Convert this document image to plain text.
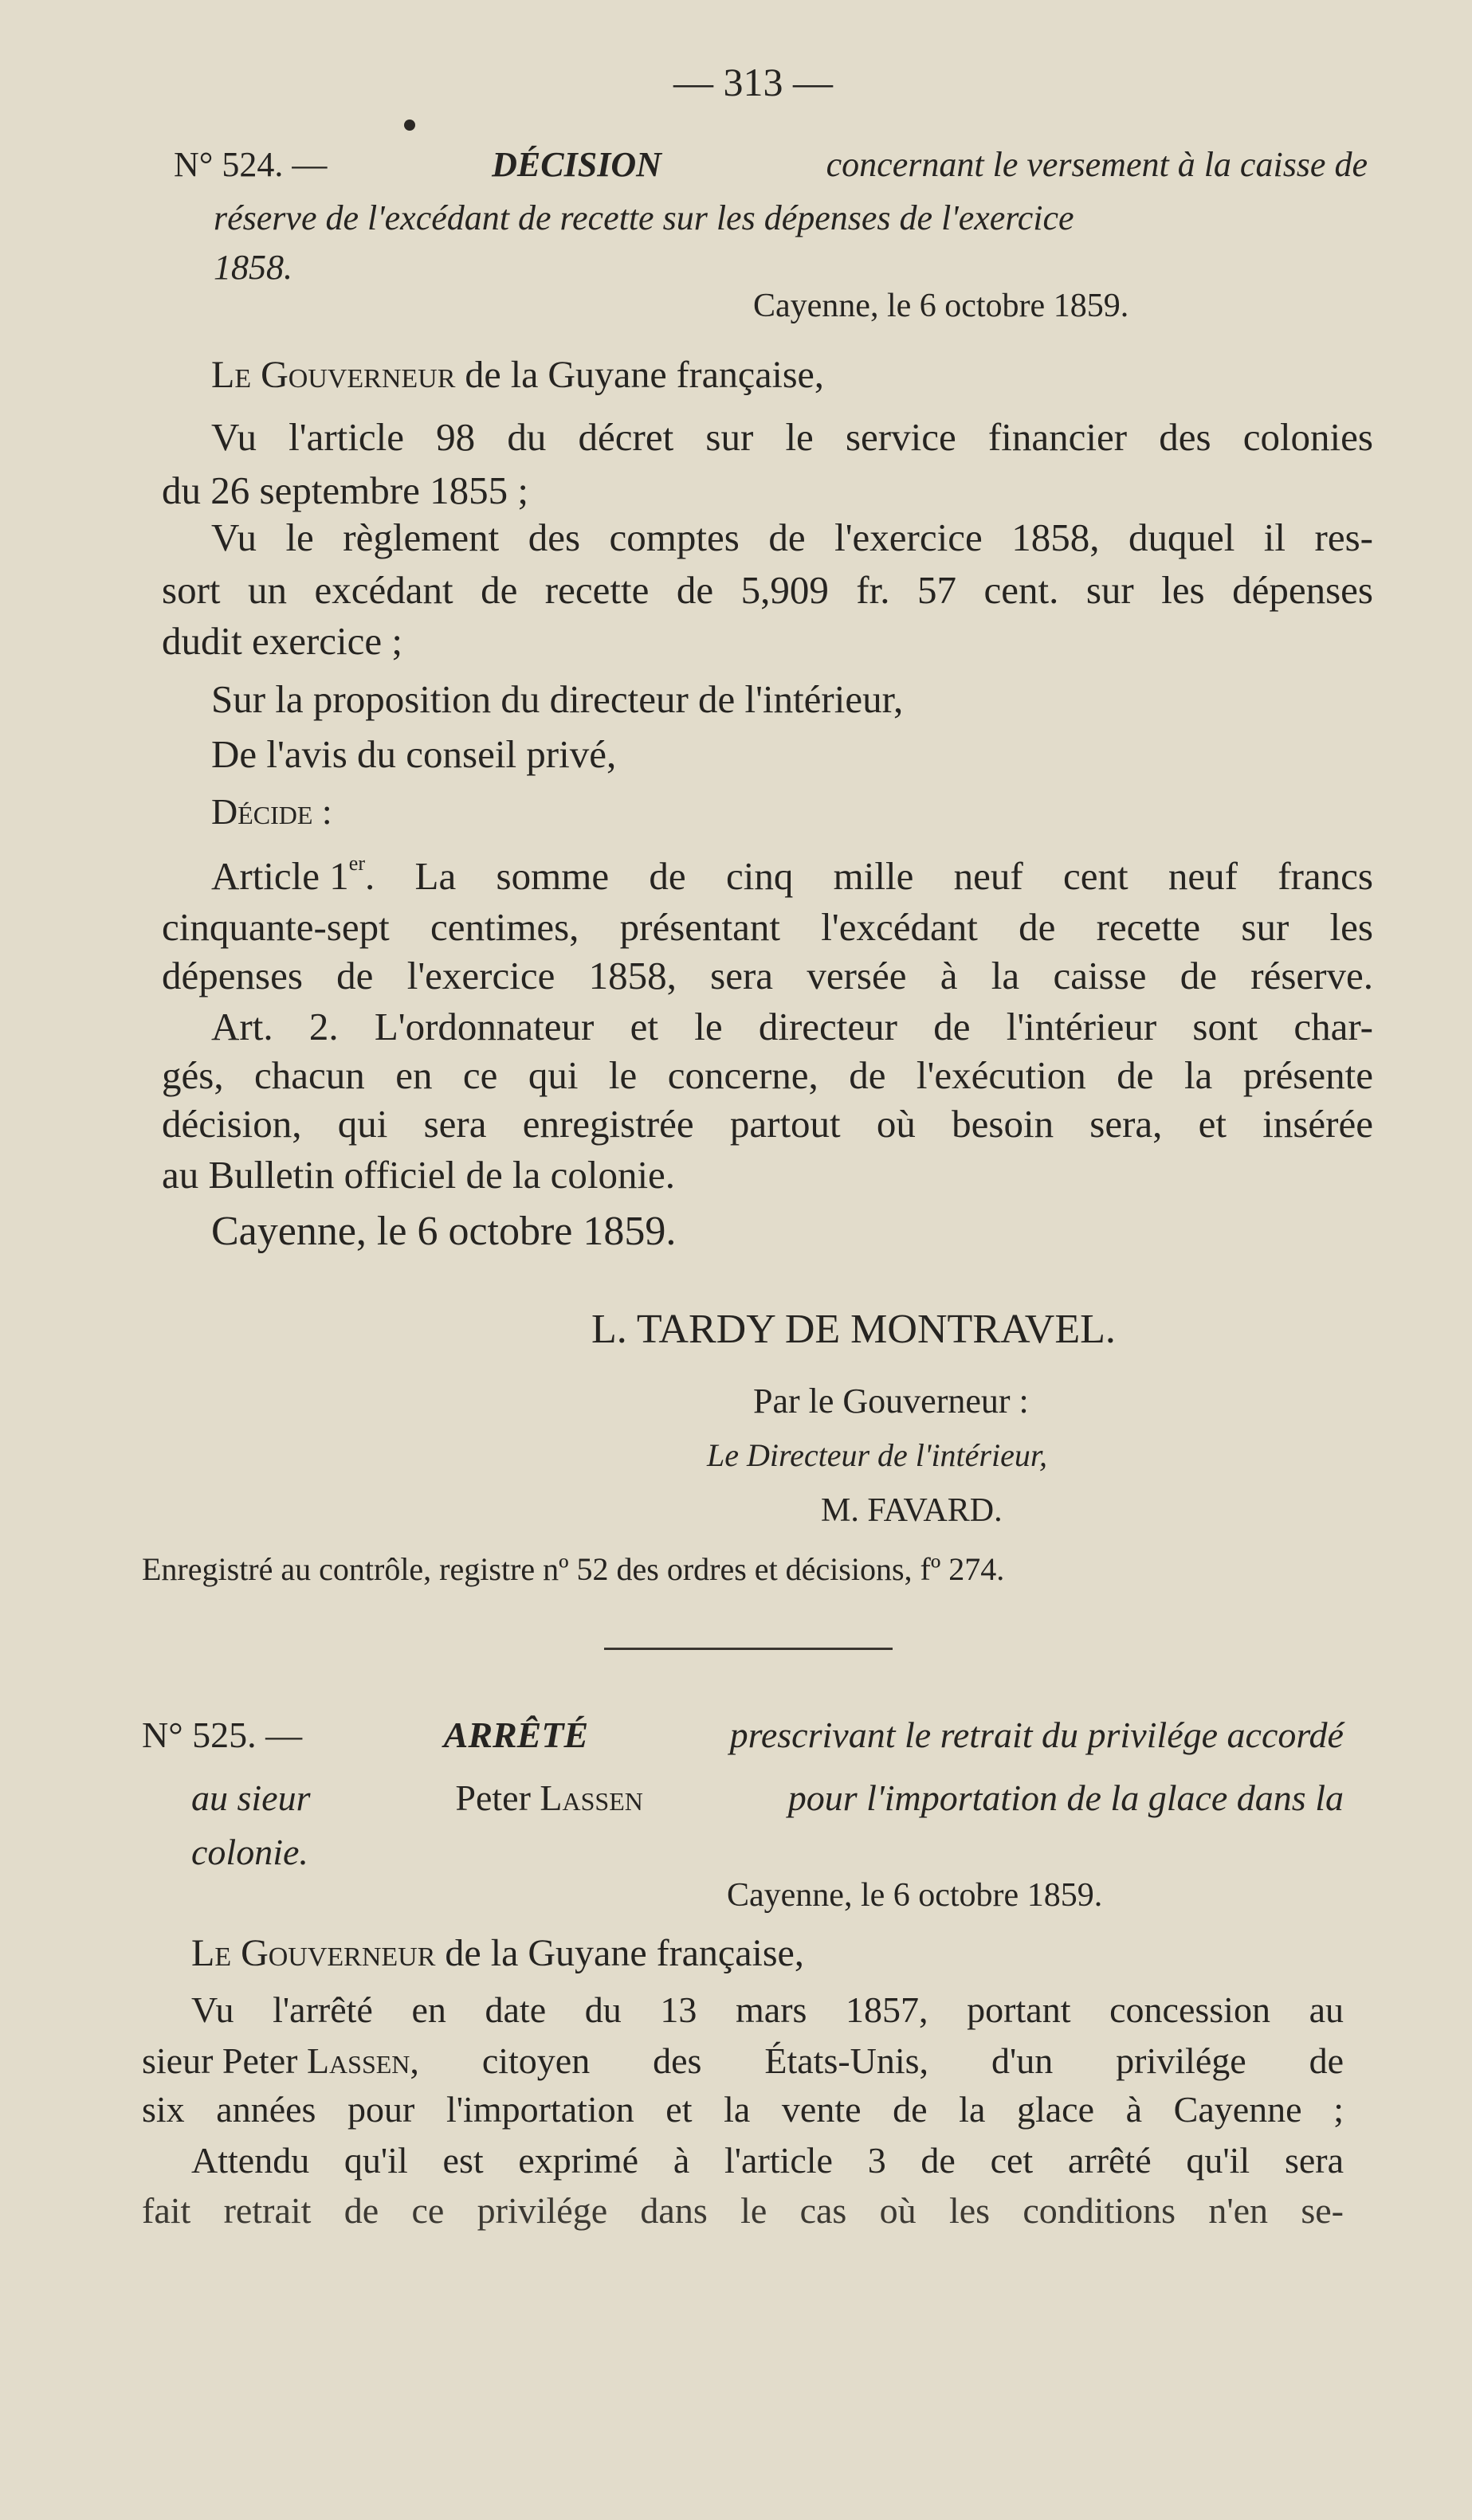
— 313 —
N° 524. —	DÉCISION	concernant le versement à la caisse de
réserve de l'excédant de recette sur les dépenses de l'exercice
1858.
Cayenne, le 6 octobre 1859.
Le Gouverneur de la Guyane française,
Vu l'article 98 du décret sur le service financier des colonies
du 26 septembre 1855 ;
Vu le règlement des comptes de l'exercice 1858, duquel il res-
sort un excédant de recette de 5,909 fr. 57 cent. sur les dépenses
dudit exercice ;
Sur la proposition du directeur de l'intérieur,
De l'avis du conseil privé,
Décide :
Article 1er . La somme de cinq mille neuf cent neuf francs
cinquante-sept centimes, présentant l'excédant de recette sur les
dépenses de l'exercice 1858, sera versée à la caisse de réserve.
Art. 2. L'ordonnateur et le directeur de l'intérieur sont char-
gés, chacun en ce qui le concerne, de l'exécution de la présente
décision, qui sera enregistrée partout où besoin sera, et insérée
au Bulletin officiel de la colonie.
Cayenne, le 6 octobre 1859.
L. TARDY DE MONTRAVEL.
Par le Gouverneur :
Le Directeur de l'intérieur,
M. FAVARD.
Enregistré au contrôle, registre nº 52 des ordres et décisions, fº 274.
N° 525. —	ARRÊTÉ	prescrivant le retrait du privilége accordé
au sieur	Peter Lassen	pour l'importation de la glace dans la
colonie.
Cayenne, le 6 octobre 1859.
Le Gouverneur de la Guyane française,
Vu l'arrêté en date du 13 mars 1857, portant concession au
sieur Peter
Lassen , citoyen des États-Unis, d'un privilége de
six années pour l'importation et la vente de la glace à Cayenne ;
Attendu qu'il est exprimé à l'article 3 de cet arrêté qu'il sera
fait retrait de ce privilége dans le cas où les conditions n'en se-
